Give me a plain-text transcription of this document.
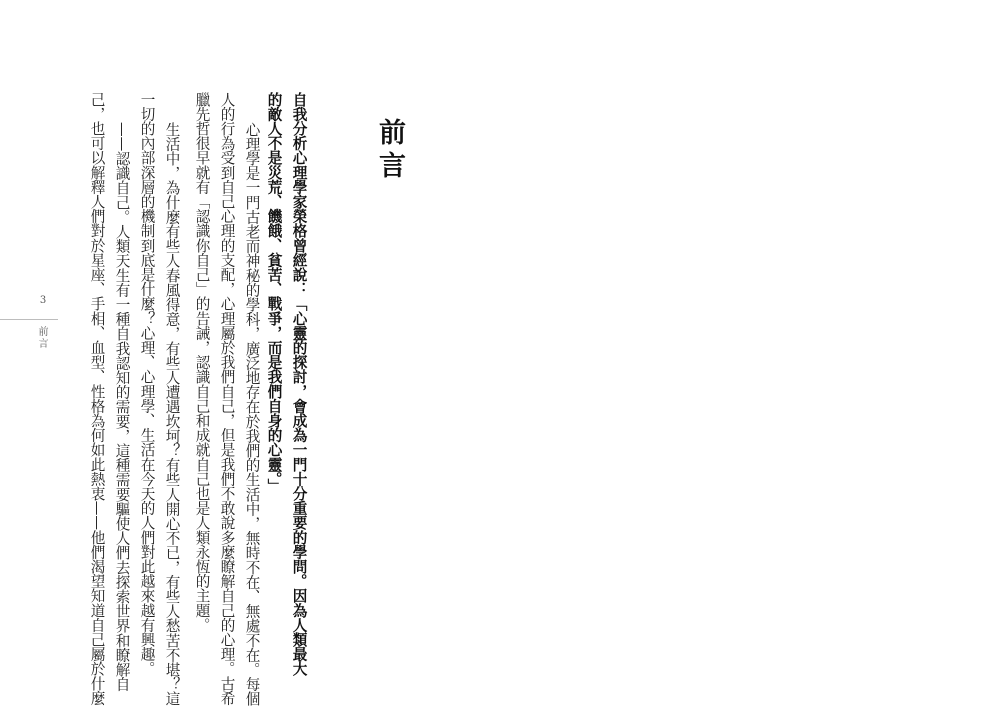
前言
自我分析心理學家榮格曾經說：「心靈的探討，會成為一門十分重要的學問。因為人類最大
的敵人不是災荒、饑餓、貧苦、戰爭，而是我們自身的心靈。」
心理學是一門古老而神秘的學科，廣泛地存在於我們的生活中，無時不在、無處不在。每個
人的行為受到自己心理的支配，心理屬於我們自己，但是我們不敢說多麼瞭解自己的心理。古希
臘先哲很早就有「認識你自己」的告誡，認識自己和成就自己也是人類永恆的主題。
生活中，為什麼有些人春風得意，有些人遭遇坎坷？有些人開心不已，有些人愁苦不堪？這
一切的內部深層的機制到底是什麼？心理、心理學、生活在今天的人們對此越來越有興趣。
——認識自己。人類天生有一種自我認知的需要，這種需要驅使人們去探索世界和瞭解自
己，也可以解釋人們對於星座、手相、血型、性格為何如此熱衷——他們渴望知道自己屬於什麼
3
前言
